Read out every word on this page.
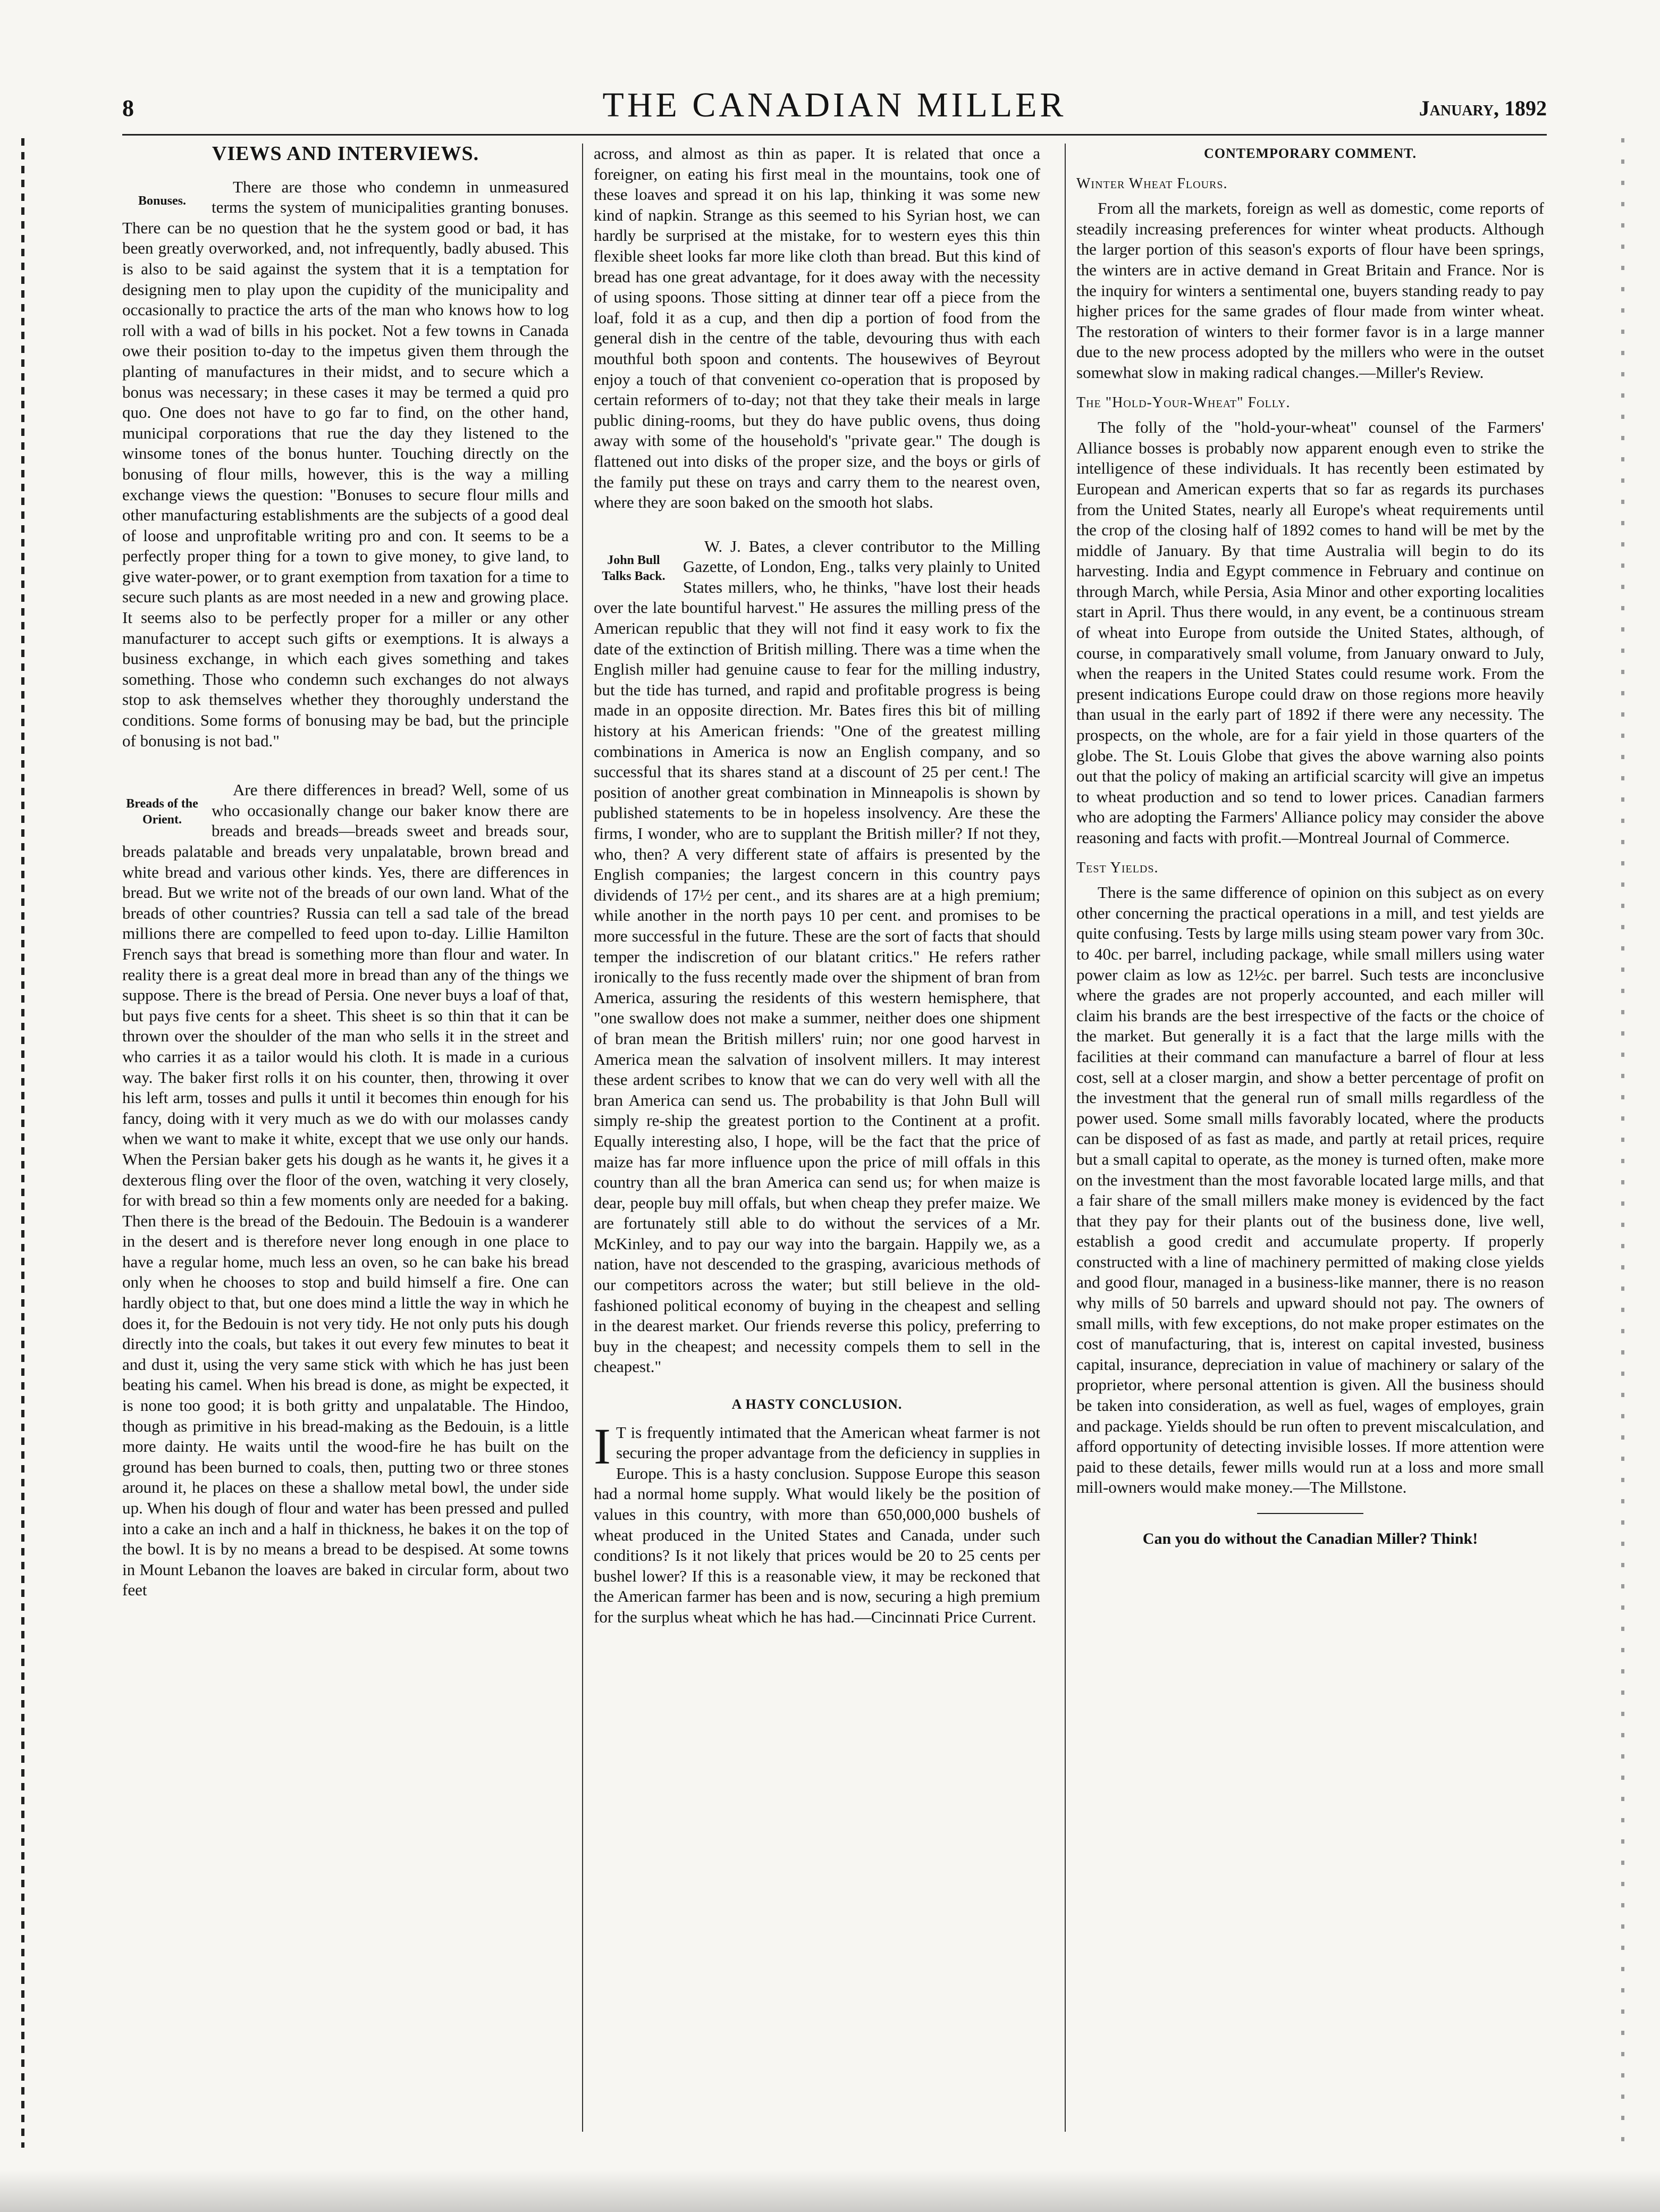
8	THE CANADIAN MILLER	January, 1892
VIEWS AND INTERVIEWS.
Bonuses.

There are those who condemn in unmeasured terms the system of municipalities granting bonuses. There can be no question that he the system good or bad, it has been greatly overworked, and, not infrequently, badly abused. This is also to be said against the system that it is a temptation for designing men to play upon the cupidity of the municipality and occasionally to practice the arts of the man who knows how to log roll with a wad of bills in his pocket. Not a few towns in Canada owe their position to-day to the impetus given them through the planting of manufactures in their midst, and to secure which a bonus was necessary; in these cases it may be termed a quid pro quo. One does not have to go far to find, on the other hand, municipal corporations that rue the day they listened to the winsome tones of the bonus hunter. Touching directly on the bonusing of flour mills, however, this is the way a milling exchange views the question: "Bonuses to secure flour mills and other manufacturing establishments are the subjects of a good deal of loose and unprofitable writing pro and con. It seems to be a perfectly proper thing for a town to give money, to give land, to give water-power, or to grant exemption from taxation for a time to secure such plants as are most needed in a new and growing place. It seems also to be perfectly proper for a miller or any other manufacturer to accept such gifts or exemptions. It is always a business exchange, in which each gives something and takes something. Those who condemn such exchanges do not always stop to ask themselves whether they thoroughly understand the conditions. Some forms of bonusing may be bad, but the principle of bonusing is not bad."

Breads of the Orient.

Are there differences in bread? Well, some of us who occasionally change our baker know there are breads and breads—breads sweet and breads sour, breads palatable and breads very unpalatable, brown bread and white bread and various other kinds. Yes, there are differences in bread. But we write not of the breads of our own land. What of the breads of other countries? Russia can tell a sad tale of the bread millions there are compelled to feed upon to-day. Lillie Hamilton French says that bread is something more than flour and water. In reality there is a great deal more in bread than any of the things we suppose. There is the bread of Persia. One never buys a loaf of that, but pays five cents for a sheet. This sheet is so thin that it can be thrown over the shoulder of the man who sells it in the street and who carries it as a tailor would his cloth. It is made in a curious way. The baker first rolls it on his counter, then, throwing it over his left arm, tosses and pulls it until it becomes thin enough for his fancy, doing with it very much as we do with our molasses candy when we want to make it white, except that we use only our hands. When the Persian baker gets his dough as he wants it, he gives it a dexterous fling over the floor of the oven, watching it very closely, for with bread so thin a few moments only are needed for a baking. Then there is the bread of the Bedouin. The Bedouin is a wanderer in the desert and is therefore never long enough in one place to have a regular home, much less an oven, so he can bake his bread only when he chooses to stop and build himself a fire. One can hardly object to that, but one does mind a little the way in which he does it, for the Bedouin is not very tidy. He not only puts his dough directly into the coals, but takes it out every few minutes to beat it and dust it, using the very same stick with which he has just been beating his camel. When his bread is done, as might be expected, it is none too good; it is both gritty and unpalatable. The Hindoo, though as primitive in his bread-making as the Bedouin, is a little more dainty. He waits until the wood-fire he has built on the ground has been burned to coals, then, putting two or three stones around it, he places on these a shallow metal bowl, the under side up. When his dough of flour and water has been pressed and pulled into a cake an inch and a half in thickness, he bakes it on the top of the bowl. It is by no means a bread to be despised. At some towns in Mount Lebanon the loaves are baked in circular form, about two feet

across, and almost as thin as paper. It is related that once a foreigner, on eating his first meal in the mountains, took one of these loaves and spread it on his lap, thinking it was some new kind of napkin. Strange as this seemed to his Syrian host, we can hardly be surprised at the mistake, for to western eyes this thin flexible sheet looks far more like cloth than bread. But this kind of bread has one great advantage, for it does away with the necessity of using spoons. Those sitting at dinner tear off a piece from the loaf, fold it as a cup, and then dip a portion of food from the general dish in the centre of the table, devouring thus with each mouthful both spoon and contents. The housewives of Beyrout enjoy a touch of that convenient co-operation that is proposed by certain reformers of to-day; not that they take their meals in large public dining-rooms, but they do have public ovens, thus doing away with some of the household's "private gear." The dough is flattened out into disks of the proper size, and the boys or girls of the family put these on trays and carry them to the nearest oven, where they are soon baked on the smooth hot slabs.

John Bull Talks Back.

W. J. Bates, a clever contributor to the Milling Gazette, of London, Eng., talks very plainly to United States millers, who, he thinks, "have lost their heads over the late bountiful harvest." He assures the milling press of the American republic that they will not find it easy work to fix the date of the extinction of British milling. There was a time when the English miller had genuine cause to fear for the milling industry, but the tide has turned, and rapid and profitable progress is being made in an opposite direction. Mr. Bates fires this bit of milling history at his American friends: "One of the greatest milling combinations in America is now an English company, and so successful that its shares stand at a discount of 25 per cent.! The position of another great combination in Minneapolis is shown by published statements to be in hopeless insolvency. Are these the firms, I wonder, who are to supplant the British miller? If not they, who, then? A very different state of affairs is presented by the English companies; the largest concern in this country pays dividends of 17½ per cent., and its shares are at a high premium; while another in the north pays 10 per cent. and promises to be more successful in the future. These are the sort of facts that should temper the indiscretion of our blatant critics." He refers rather ironically to the fuss recently made over the shipment of bran from America, assuring the residents of this western hemisphere, that "one swallow does not make a summer, neither does one shipment of bran mean the British millers' ruin; nor one good harvest in America mean the salvation of insolvent millers. It may interest these ardent scribes to know that we can do very well with all the bran America can send us. The probability is that John Bull will simply re-ship the greatest portion to the Continent at a profit. Equally interesting also, I hope, will be the fact that the price of maize has far more influence upon the price of mill offals in this country than all the bran America can send us; for when maize is dear, people buy mill offals, but when cheap they prefer maize. We are fortunately still able to do without the services of a Mr. McKinley, and to pay our way into the bargain. Happily we, as a nation, have not descended to the grasping, avaricious methods of our competitors across the water; but still believe in the old-fashioned political economy of buying in the cheapest and selling in the dearest market. Our friends reverse this policy, preferring to buy in the cheapest; and necessity compels them to sell in the cheapest."

A HASTY CONCLUSION.
I T is frequently intimated that the American wheat farmer is not securing the proper advantage from the deficiency in supplies in Europe. This is a hasty conclusion. Suppose Europe this season had a normal home supply. What would likely be the position of values in this country, with more than 650,000,000 bushels of wheat produced in the United States and Canada, under such conditions? Is it not likely that prices would be 20 to 25 cents per bushel lower? If this is a reasonable view, it may be reckoned that the American farmer has been and is now, securing a high premium for the surplus wheat which he has had.—Cincinnati Price Current.

CONTEMPORARY COMMENT.
Winter Wheat Flours.

From all the markets, foreign as well as domestic, come reports of steadily increasing preferences for winter wheat products. Although the larger portion of this season's exports of flour have been springs, the winters are in active demand in Great Britain and France. Nor is the inquiry for winters a sentimental one, buyers standing ready to pay higher prices for the same grades of flour made from winter wheat. The restoration of winters to their former favor is in a large manner due to the new process adopted by the millers who were in the outset somewhat slow in making radical changes.—Miller's Review.

The "Hold-Your-Wheat" Folly.

The folly of the "hold-your-wheat" counsel of the Farmers' Alliance bosses is probably now apparent enough even to strike the intelligence of these individuals. It has recently been estimated by European and American experts that so far as regards its purchases from the United States, nearly all Europe's wheat requirements until the crop of the closing half of 1892 comes to hand will be met by the middle of January. By that time Australia will begin to do its harvesting. India and Egypt commence in February and continue on through March, while Persia, Asia Minor and other exporting localities start in April. Thus there would, in any event, be a continuous stream of wheat into Europe from outside the United States, although, of course, in comparatively small volume, from January onward to July, when the reapers in the United States could resume work. From the present indications Europe could draw on those regions more heavily than usual in the early part of 1892 if there were any necessity. The prospects, on the whole, are for a fair yield in those quarters of the globe. The St. Louis Globe that gives the above warning also points out that the policy of making an artificial scarcity will give an impetus to wheat production and so tend to lower prices. Canadian farmers who are adopting the Farmers' Alliance policy may consider the above reasoning and facts with profit.—Montreal Journal of Commerce.

Test Yields.

There is the same difference of opinion on this subject as on every other concerning the practical operations in a mill, and test yields are quite confusing. Tests by large mills using steam power vary from 30c. to 40c. per barrel, including package, while small millers using water power claim as low as 12½c. per barrel. Such tests are inconclusive where the grades are not properly accounted, and each miller will claim his brands are the best irrespective of the facts or the choice of the market. But generally it is a fact that the large mills with the facilities at their command can manufacture a barrel of flour at less cost, sell at a closer margin, and show a better percentage of profit on the investment that the general run of small mills regardless of the power used. Some small mills favorably located, where the products can be disposed of as fast as made, and partly at retail prices, require but a small capital to operate, as the money is turned often, make more on the investment than the most favorable located large mills, and that a fair share of the small millers make money is evidenced by the fact that they pay for their plants out of the business done, live well, establish a good credit and accumulate property. If properly constructed with a line of machinery permitted of making close yields and good flour, managed in a business-like manner, there is no reason why mills of 50 barrels and upward should not pay. The owners of small mills, with few exceptions, do not make proper estimates on the cost of manufacturing, that is, interest on capital invested, business capital, insurance, depreciation in value of machinery or salary of the proprietor, where personal attention is given. All the business should be taken into consideration, as well as fuel, wages of employes, grain and package. Yields should be run often to prevent miscalculation, and afford opportunity of detecting invisible losses. If more attention were paid to these details, fewer mills would run at a loss and more small mill-owners would make money.—The Millstone.

Can you do without the Canadian Miller? Think!
